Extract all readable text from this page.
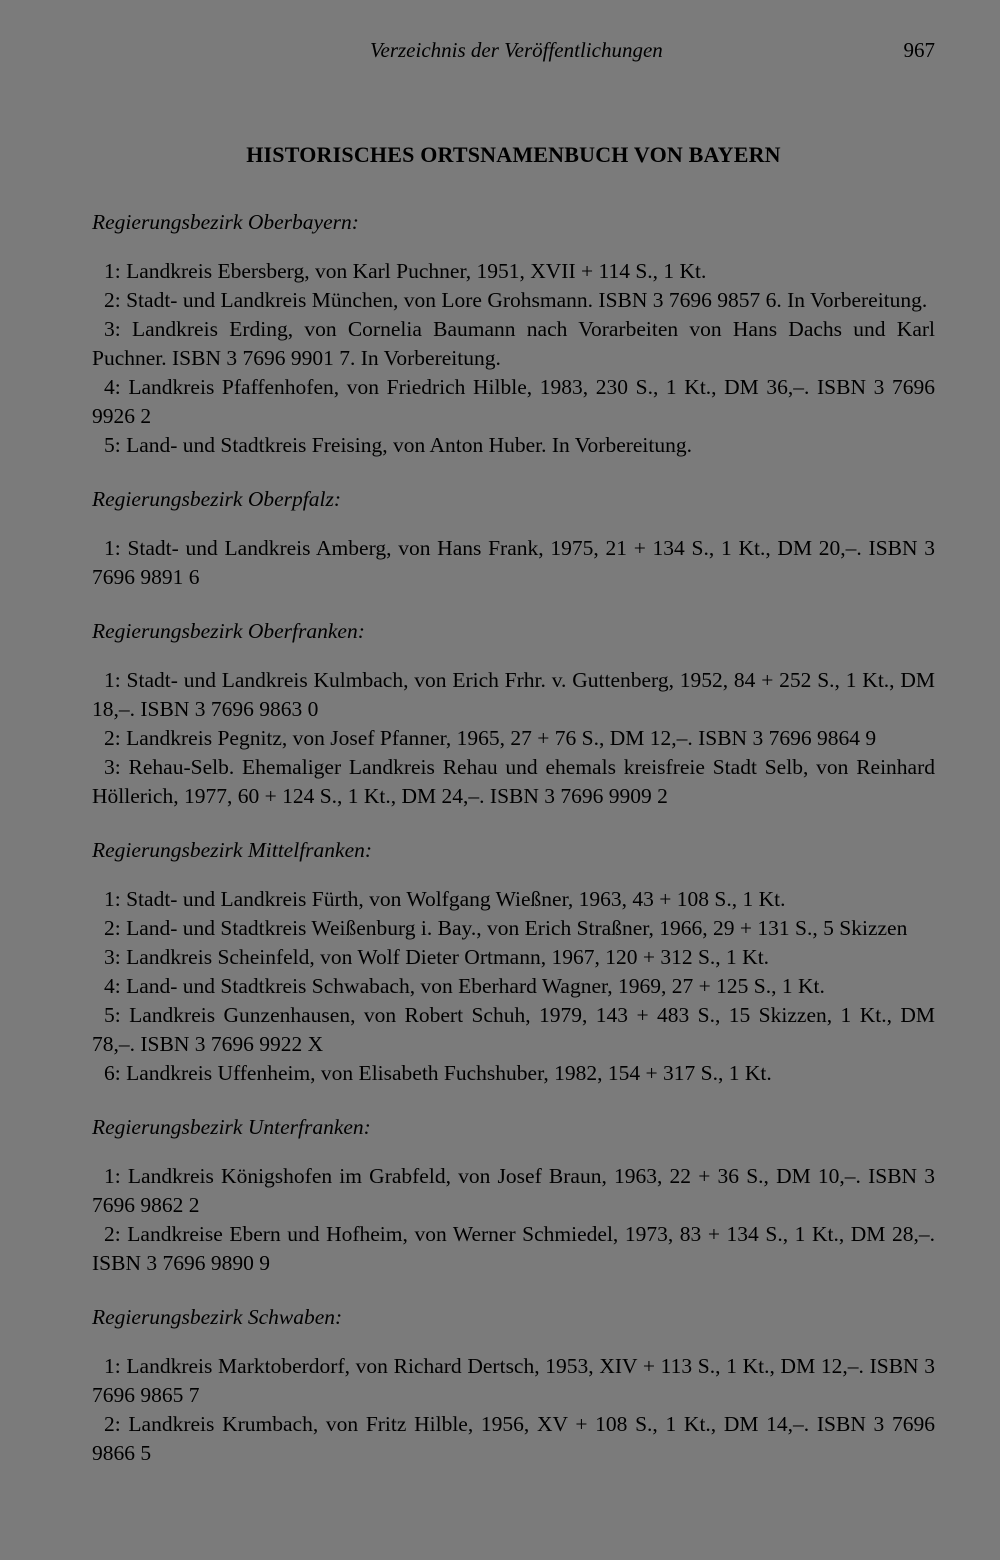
Verzeichnis der Veröffentlichungen	967
HISTORISCHES ORTSNAMENBUCH VON BAYERN

Regierungsbezirk Oberbayern:

1: Landkreis Ebersberg, von Karl Puchner, 1951, XVII + 114 S., 1 Kt.

2: Stadt- und Landkreis München, von Lore Grohsmann. ISBN 3 7696 9857 6. In Vorbereitung.

3: Landkreis Erding, von Cornelia Baumann nach Vorarbeiten von Hans Dachs und Karl Puchner. ISBN 3 7696 9901 7. In Vorbereitung.

4: Landkreis Pfaffenhofen, von Friedrich Hilble, 1983, 230 S., 1 Kt., DM 36,–. ISBN 3 7696 9926 2

5: Land- und Stadtkreis Freising, von Anton Huber. In Vorbereitung.

Regierungsbezirk Oberpfalz:

1: Stadt- und Landkreis Amberg, von Hans Frank, 1975, 21 + 134 S., 1 Kt., DM 20,–. ISBN 3 7696 9891 6

Regierungsbezirk Oberfranken:

1: Stadt- und Landkreis Kulmbach, von Erich Frhr. v. Guttenberg, 1952, 84 + 252 S., 1 Kt., DM 18,–. ISBN 3 7696 9863 0

2: Landkreis Pegnitz, von Josef Pfanner, 1965, 27 + 76 S., DM 12,–. ISBN 3 7696 9864 9

3: Rehau-Selb. Ehemaliger Landkreis Rehau und ehemals kreisfreie Stadt Selb, von Reinhard Höllerich, 1977, 60 + 124 S., 1 Kt., DM 24,–. ISBN 3 7696 9909 2

Regierungsbezirk Mittelfranken:

1: Stadt- und Landkreis Fürth, von Wolfgang Wießner, 1963, 43 + 108 S., 1 Kt.

2: Land- und Stadtkreis Weißenburg i. Bay., von Erich Straßner, 1966, 29 + 131 S., 5 Skizzen

3: Landkreis Scheinfeld, von Wolf Dieter Ortmann, 1967, 120 + 312 S., 1 Kt.

4: Land- und Stadtkreis Schwabach, von Eberhard Wagner, 1969, 27 + 125 S., 1 Kt.

5: Landkreis Gunzenhausen, von Robert Schuh, 1979, 143 + 483 S., 15 Skizzen, 1 Kt., DM 78,–. ISBN 3 7696 9922 X

6: Landkreis Uffenheim, von Elisabeth Fuchshuber, 1982, 154 + 317 S., 1 Kt.

Regierungsbezirk Unterfranken:

1: Landkreis Königshofen im Grabfeld, von Josef Braun, 1963, 22 + 36 S., DM 10,–. ISBN 3 7696 9862 2

2: Landkreise Ebern und Hofheim, von Werner Schmiedel, 1973, 83 + 134 S., 1 Kt., DM 28,–. ISBN 3 7696 9890 9

Regierungsbezirk Schwaben:

1: Landkreis Marktoberdorf, von Richard Dertsch, 1953, XIV + 113 S., 1 Kt., DM 12,–. ISBN 3 7696 9865 7

2: Landkreis Krumbach, von Fritz Hilble, 1956, XV + 108 S., 1 Kt., DM 14,–. ISBN 3 7696 9866 5
